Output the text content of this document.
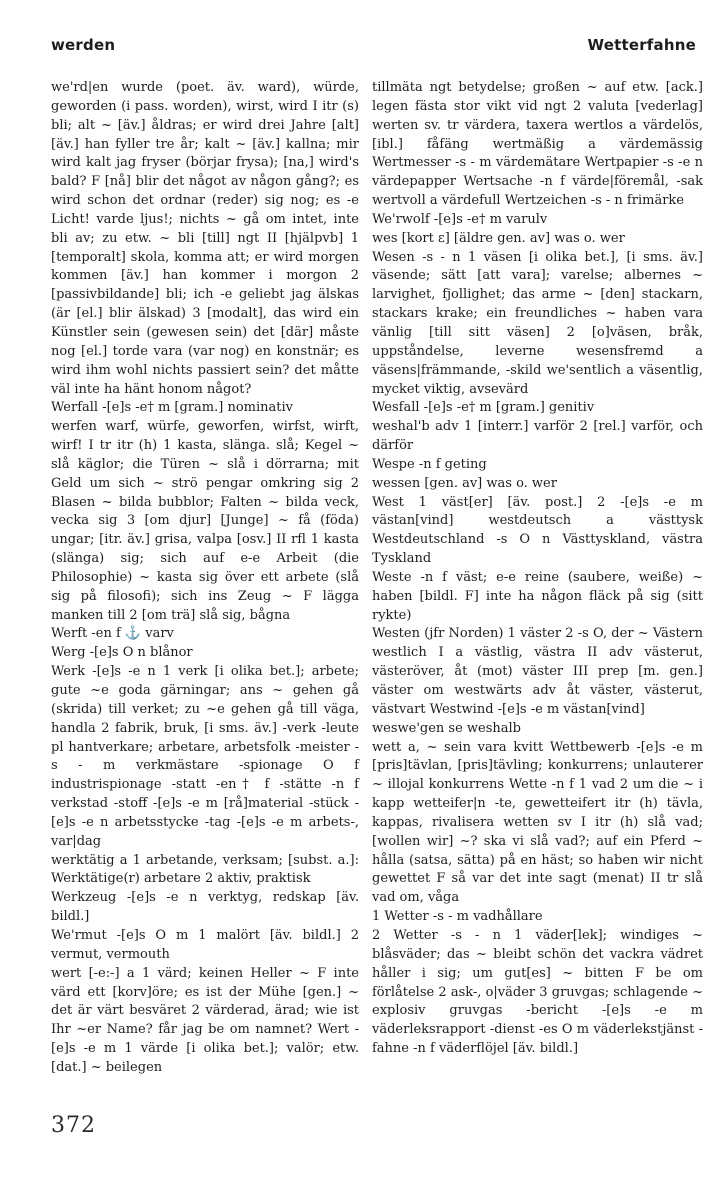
werden	Wetterfahne

we'rd|en wurde (poet. äv. ward), würde, geworden (i pass. worden), wirst, wird I itr (s) bli; alt ~ [äv.] åldras; er wird drei Jahre [alt] [äv.] han fyller tre år; kalt ~ [äv.] kallna; mir wird kalt jag fryser (börjar frysa); [na,] wird's bald? F [nå] blir det något av någon gång?; es wird schon det ordnar (reder) sig nog; es -e Licht! varde ljus!; nichts ~ gå om intet, inte bli av; zu etw. ~ bli [till] ngt II [hjälpvb] 1 [temporalt] skola, komma att; er wird morgen kommen [äv.] han kommer i morgon 2 [passivbildande] bli; ich -e geliebt jag älskas (är [el.] blir älskad) 3 [modalt], das wird ein Künstler sein (gewesen sein) det [där] måste nog [el.] torde vara (var nog) en konstnär; es wird ihm wohl nichts passiert sein? det måtte väl inte ha hänt honom något?

Werfall -[e]s -e† m [gram.] nominativ

werfen warf, würfe, geworfen, wirfst, wirft, wirf! I tr itr (h) 1 kasta, slänga. slå; Kegel ~ slå käglor; die Türen ~ slå i dörrarna; mit Geld um sich ~ strö pengar omkring sig 2 Blasen ~ bilda bubblor; Falten ~ bilda veck, vecka sig 3 [om djur] [Junge] ~ få (föda) ungar; [itr. äv.] grisa, valpa [osv.] II rfl 1 kasta (slänga) sig; sich auf e-e Arbeit (die Philosophie) ~ kasta sig över ett arbete (slå sig på filosofi); sich ins Zeug ~ F lägga manken till 2 [om trä] slå sig, bågna

Werft -en f ⚓ varv

Werg -[e]s O n blånor

Werk -[e]s -e n 1 verk [i olika bet.]; arbete; gute ~e goda gärningar; ans ~ gehen gå (skrida) till verket; zu ~e gehen gå till väga, handla 2 fabrik, bruk, [i sms. äv.] -verk -leute pl hantverkare; arbetare, arbetsfolk -meister -s - m verkmästare -spionage O f industrispionage -statt -en† f -stätte -n f verkstad -stoff -[e]s -e m [rå]material -stück -[e]s -e n arbetsstycke -tag -[e]s -e m arbets-, var|dag

werktätig a 1 arbetande, verksam; [subst. a.]: Werktätige(r) arbetare 2 aktiv, praktisk

Werkzeug -[e]s -e n verktyg, redskap [äv. bildl.]

We'rmut -[e]s O m 1 malört [äv. bildl.] 2 vermut, vermouth

wert [-e:-] a 1 värd; keinen Heller ~ F inte värd ett [korv]öre; es ist der Mühe [gen.] ~ det är värt besväret 2 värderad, ärad; wie ist Ihr ~er Name? får jag be om namnet? Wert -[e]s -e m 1 värde [i olika bet.]; valör; etw. [dat.] ~ beilegen

tillmäta ngt betydelse; großen ~ auf etw. [ack.] legen fästa stor vikt vid ngt 2 valuta [vederlag] werten sv. tr värdera, taxera wertlos a värdelös, [ibl.] fåfäng wertmäßig a värdemässig Wertmesser -s - m värdemätare Wertpapier -s -e n värdepapper Wertsache -n f värde|föremål, -sak wertvoll a värdefull Wertzeichen -s - n frimärke

We'rwolf -[e]s -e† m varulv

wes [kort ε] [äldre gen. av] was o. wer

Wesen -s - n 1 väsen [i olika bet.], [i sms. äv.] väsende; sätt [att vara]; varelse; albernes ~ larvighet, fjollighet; das arme ~ [den] stackarn, stackars krake; ein freundliches ~ haben vara vänlig [till sitt väsen] 2 [o]väsen, bråk, uppståndelse, leverne wesensfremd a väsens|främmande, -skild we'sentlich a väsentlig, mycket viktig, avsevärd

Wesfall -[e]s -e† m [gram.] genitiv

weshal'b adv 1 [interr.] varför 2 [rel.] varför, och därför

Wespe -n f geting

wessen [gen. av] was o. wer

West 1 väst[er] [äv. post.] 2 -[e]s -e m västan[vind] westdeutsch a västtysk Westdeutschland -s O n Västtyskland, västra Tyskland

Weste -n f väst; e-e reine (saubere, weiße) ~ haben [bildl. F] inte ha någon fläck på sig (sitt rykte)

Westen (jfr Norden) 1 väster 2 -s O, der ~ Västern westlich I a västlig, västra II adv västerut, västeröver, åt (mot) väster III prep [m. gen.] väster om westwärts adv åt väster, västerut, västvart Westwind -[e]s -e m västan[vind]

weswe'gen se weshalb

wett a, ~ sein vara kvitt Wettbewerb -[e]s -e m [pris]tävlan, [pris]tävling; konkurrens; unlauterer ~ illojal konkurrens Wette -n f 1 vad 2 um die ~ i kapp wetteifer|n -te, gewetteifert itr (h) tävla, kappas, rivalisera wetten sv I itr (h) slå vad; [wollen wir] ~? ska vi slå vad?; auf ein Pferd ~ hålla (satsa, sätta) på en häst; so haben wir nicht gewettet F så var det inte sagt (menat) II tr slå vad om, våga

1 Wetter -s - m vadhållare

2 Wetter -s - n 1 väder[lek]; windiges ~ blåsväder; das ~ bleibt schön det vackra vädret håller i sig; um gut[es] ~ bitten F be om förlåtelse 2 ask-, o|väder 3 gruvgas; schlagende ~ explosiv gruvgas -bericht -[e]s -e m väderleksrapport -dienst -es O m väderlekstjänst -fahne -n f väderflöjel [äv. bildl.]

372
